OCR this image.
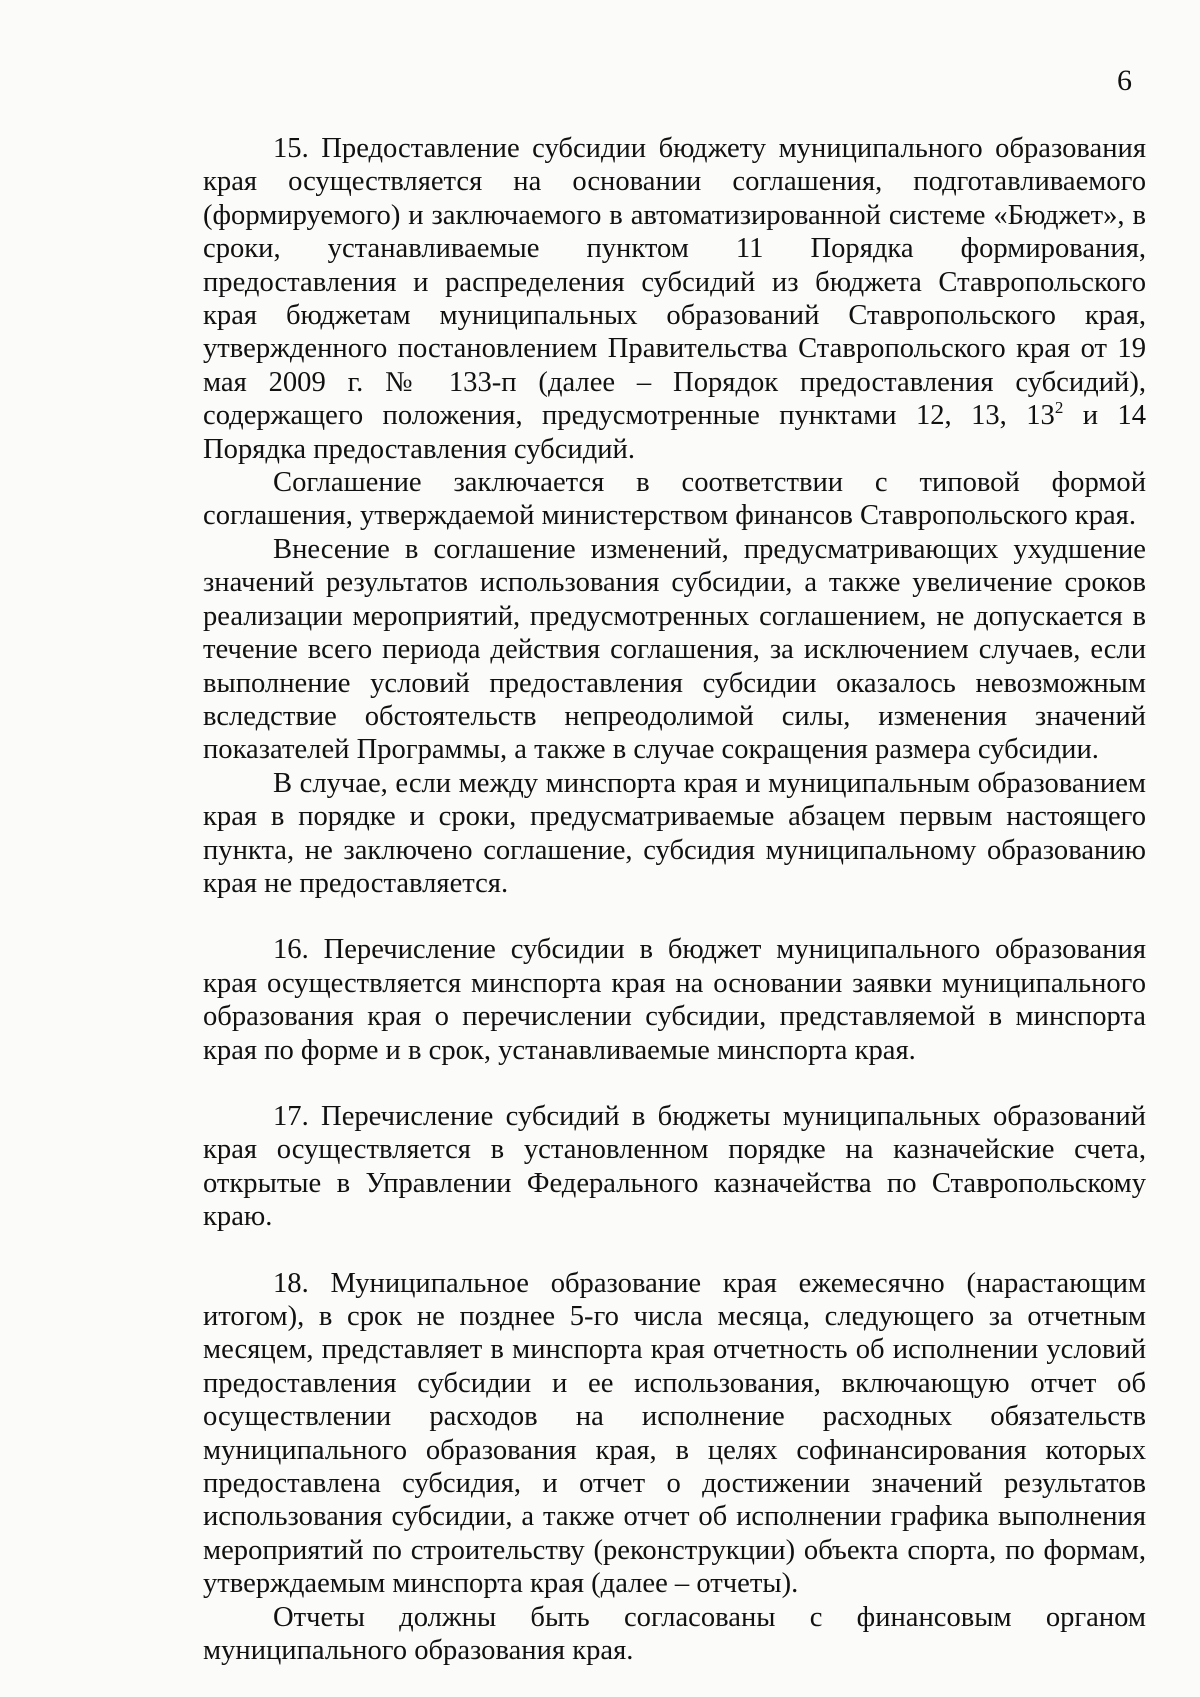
6

15. Предоставление субсидии бюджету муниципального образования края осуществляется на основании соглашения, подготавливаемого (формируемого) и заключаемого в автоматизированной системе «Бюджет», в сроки, устанавливаемые пунктом 11 Порядка формирования, предоставления и распределения субсидий из бюджета Ставропольского края бюджетам муниципальных образований Ставропольского края, утвержденного постановлением Правительства Ставропольского края от 19 мая 2009 г. № 133-п (далее – Порядок предоставления субсидий), содержащего положения, предусмотренные пунктами 12, 13, $13^2$ и 14 Порядка предоставления субсидий.

Соглашение заключается в соответствии с типовой формой соглашения, утверждаемой министерством финансов Ставропольского края.

Внесение в соглашение изменений, предусматривающих ухудшение значений результатов использования субсидии, а также увеличение сроков реализации мероприятий, предусмотренных соглашением, не допускается в течение всего периода действия соглашения, за исключением случаев, если выполнение условий предоставления субсидии оказалось невозможным вследствие обстоятельств непреодолимой силы, изменения значений показателей Программы, а также в случае сокращения размера субсидии.

В случае, если между минспорта края и муниципальным образованием края в порядке и сроки, предусматриваемые абзацем первым настоящего пункта, не заключено соглашение, субсидия муниципальному образованию края не предоставляется.

16. Перечисление субсидии в бюджет муниципального образования края осуществляется минспорта края на основании заявки муниципального образования края о перечислении субсидии, представляемой в минспорта края по форме и в срок, устанавливаемые минспорта края.

17. Перечисление субсидий в бюджеты муниципальных образований края осуществляется в установленном порядке на казначейские счета, открытые в Управлении Федерального казначейства по Ставропольскому краю.

18. Муниципальное образование края ежемесячно (нарастающим итогом), в срок не позднее 5-го числа месяца, следующего за отчетным месяцем, представляет в минспорта края отчетность об исполнении условий предоставления субсидии и ее использования, включающую отчет об осуществлении расходов на исполнение расходных обязательств муниципального образования края, в целях софинансирования которых предоставлена субсидия, и отчет о достижении значений результатов использования субсидии, а также отчет об исполнении графика выполнения мероприятий по строительству (реконструкции) объекта спорта, по формам, утверждаемым минспорта края (далее – отчеты).

Отчеты должны быть согласованы с финансовым органом муниципального образования края.
